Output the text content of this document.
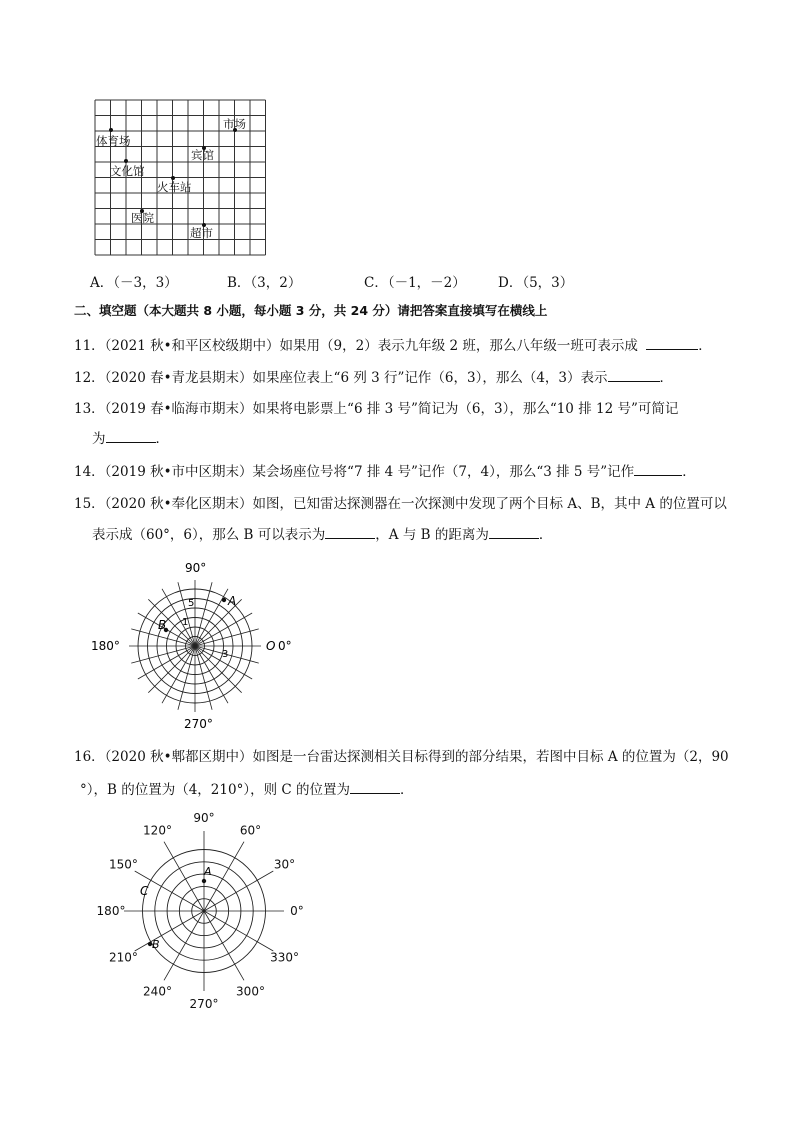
体育场
市场
文化馆
宾馆
火车站
医院
超市
A．（－3，3）	B．（3，2）	C．（－1，－2） D．（5，3）
二、填空题（本大题共 8 小题，每小题 3 分，共 24 分）请把答案直接填写在横线上
11．（2021 秋•和平区校级期中）如果用（9，2）表示九年级 2 班，那么八年级一班可表示成	．
12．（2020 春•青龙县期末）如果座位表上“6 列 3 行”记作（6，3），那么（4，3）表示	．
13．（2019 春•临海市期末）如果将电影票上“6 排 3 号”简记为（6，3），那么“10 排 12 号”可简记
为	．
14．（2019 秋•市中区期末）某会场座位号将“7 排 4 号”记作（7，4），那么“3 排 5 号”记作	．
15．（2020 秋•奉化区期末）如图，已知雷达探测器在一次探测中发现了两个目标 A、B，其中 A 的位置可以
表示成（60°，6），那么 B 可以表示为	，A 与 B 的距离为	．
90°
180°	0°
270°
1
3
5	A
B
O
16．（2020 秋•郫都区期中）如图是一台雷达探测相关目标得到的部分结果，若图中目标 A 的位置为（2，90
°），B 的位置为（4，210°），则 C 的位置为	．
0°
30°
60°
90°
120°
150°
180°
210°
240°
270°
300°
330°
A
B
C
